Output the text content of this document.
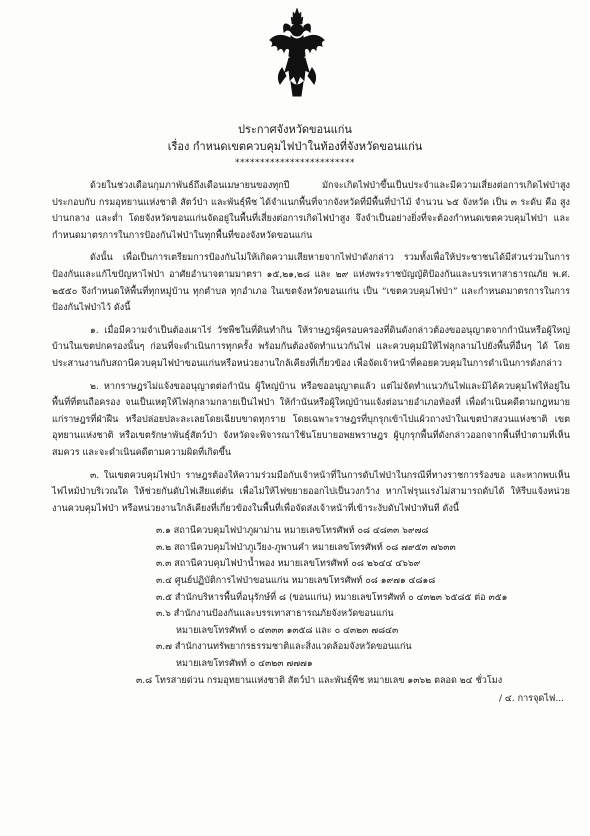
ประกาศจังหวัดขอนแก่น
เรื่อง กำหนดเขตควบคุมไฟป่าในท้องที่จังหวัดขอนแก่น
************************

ด้วยในช่วงเดือนกุมภาพันธ์ถึงเดือนเมษายนของทุกปี มักจะเกิดไฟป่าขึ้นเป็นประจำและมีความเสี่ยงต่อการเกิดไฟป่าสูง ประกอบกับ กรมอุทยานแห่งชาติ สัตว์ป่า และพันธุ์พืช ได้จำแนกพื้นที่จากจังหวัดที่มีพื้นที่ป่าไม้ จำนวน ๖๕ จังหวัด เป็น ๓ ระดับ คือ สูง ปานกลาง และต่ำ โดยจังหวัดขอนแก่นจัดอยู่ในพื้นที่เสี่ยงต่อการเกิดไฟป่าสูง จึงจำเป็นอย่างยิ่งที่จะต้องกำหนดเขตควบคุมไฟป่า และกำหนดมาตรการในการป้องกันไฟป่าในทุกพื้นที่ของจังหวัดขอนแก่น

ดังนั้น เพื่อเป็นการเตรียมการป้องกันไม่ให้เกิดความเสียหายจากไฟป่าดังกล่าว รวมทั้งเพื่อให้ประชาชนได้มีส่วนร่วมในการป้องกันและแก้ไขปัญหาไฟป่า อาศัยอำนาจตามมาตรา ๑๕,๒๑,๒๘ และ ๒๙ แห่งพระราชบัญญัติป้องกันและบรรเทาสาธารณภัย พ.ศ. ๒๕๕๐ จึงกำหนดให้พื้นที่ทุกหมู่บ้าน ทุกตำบล ทุกอำเภอ ในเขตจังหวัดขอนแก่น เป็น “เขตควบคุมไฟป่า” และกำหนดมาตรการในการป้องกันไฟป่าไว้ ดังนี้

๑. เมื่อมีความจำเป็นต้องเผาไร่ วัชพืชในที่ดินทำกิน ให้ราษฎรผู้ครอบครองที่ดินดังกล่าวต้องขออนุญาตจากกำนันหรือผู้ใหญ่บ้านในเขตปกครองนั้นๆ ก่อนที่จะดำเนินการทุกครั้ง พร้อมกันต้องจัดทำแนวกันไฟ และควบคุมมิให้ไฟลุกลามไปยังพื้นที่อื่นๆ ได้ โดยประสานงานกับสถานีควบคุมไฟป่าขอนแก่นหรือหน่วยงานใกล้เคียงที่เกี่ยวข้อง เพื่อจัดเจ้าหน้าที่คอยควบคุมในการดำเนินการดังกล่าว

๒. หากราษฎรไม่แจ้งขออนุญาตต่อกำนัน ผู้ใหญ่บ้าน หรือขออนุญาตแล้ว แต่ไม่จัดทำแนวกันไฟและมิได้ควบคุมไฟให้อยู่ในพื้นที่ที่ตนถือครอง จนเป็นเหตุให้ไฟลุกลามกลายเป็นไฟป่า ให้กำนันหรือผู้ใหญ่บ้านแจ้งต่อนายอำเภอท้องที่ เพื่อดำเนินคดีตามกฎหมายแก่ราษฎรที่ฝ่าฝืน หรือปล่อยปละละเลยโดยเฉียบขาดทุกราย โดยเฉพาะราษฎรที่บุกรุกเข้าไปแผ้วถางป่าในเขตป่าสงวนแห่งชาติ เขตอุทยานแห่งชาติ หรือเขตรักษาพันธุ์สัตว์ป่า จังหวัดจะพิจารณาใช้นโยบายอพยพราษฎร ผู้บุกรุกพื้นที่ดังกล่าวออกจากพื้นที่ป่าตามที่เห็นสมควร และจะดำเนินคดีตามความผิดที่เกิดขึ้น

๓. ในเขตควบคุมไฟป่า ราษฎรต้องให้ความร่วมมือกับเจ้าหน้าที่ในการดับไฟป่าในกรณีที่ทางราชการร้องขอ และหากพบเห็นไฟไหม้ป่าบริเวณใด ให้ช่วยกันดับไฟเสียแต่ต้น เพื่อไม่ให้ไฟขยายออกไปเป็นวงกว้าง หากไฟรุนแรงไม่สามารถดับได้ ให้รีบแจ้งหน่วยงานควบคุมไฟป่า หรือหน่วยงานใกล้เคียงที่เกี่ยวข้องในพื้นที่เพื่อจัดส่งเจ้าหน้าที่เข้าระงับดับไฟป่าทันที ดังนี้

๓.๑ สถานีควบคุมไฟป่าภูผาม่าน หมายเลขโทรศัพท์ ๐๘ ๔๘๓๓ ๖๙๗๘
๓.๒ สถานีควบคุมไฟป่าภูเวียง-ภูพานคำ หมายเลขโทรศัพท์ ๐๘ ๗๙๕๓ ๗๖๓๓
๓.๓ สถานีควบคุมไฟป่าน้ำพอง หมายเลขโทรศัพท์ ๐๘ ๒๖๔๔ ๔๖๖๙
๓.๔ ศูนย์ปฏิบัติการไฟป่าขอนแก่น หมายเลขโทรศัพท์ ๐๘ ๑๙๗๑ ๔๘๑๘
๓.๕ สำนักบริหารพื้นที่อนุรักษ์ที่ ๘ (ขอนแก่น) หมายเลขโทรศัพท์ ๐ ๔๓๒๓ ๖๕๘๕ ต่อ ๓๕๑
๓.๖ สำนักงานป้องกันและบรรเทาสาธารณภัยจังหวัดขอนแก่น
หมายเลขโทรศัพท์ ๐ ๔๓๓๓ ๑๓๕๘ และ ๐ ๔๓๒๓ ๗๘๔๓
๓.๗ สำนักงานทรัพยากรธรรมชาติและสิ่งแวดล้อมจังหวัดขอนแก่น
หมายเลขโทรศัพท์ ๐ ๔๓๒๓ ๗๗๗๑
๓.๘ โทรสายด่วน กรมอุทยานแห่งชาติ สัตว์ป่า และพันธุ์พืช หมายเลข ๑๓๖๒ ตลอด ๒๔ ชั่วโมง
/ ๔. การจุดไฟ...
